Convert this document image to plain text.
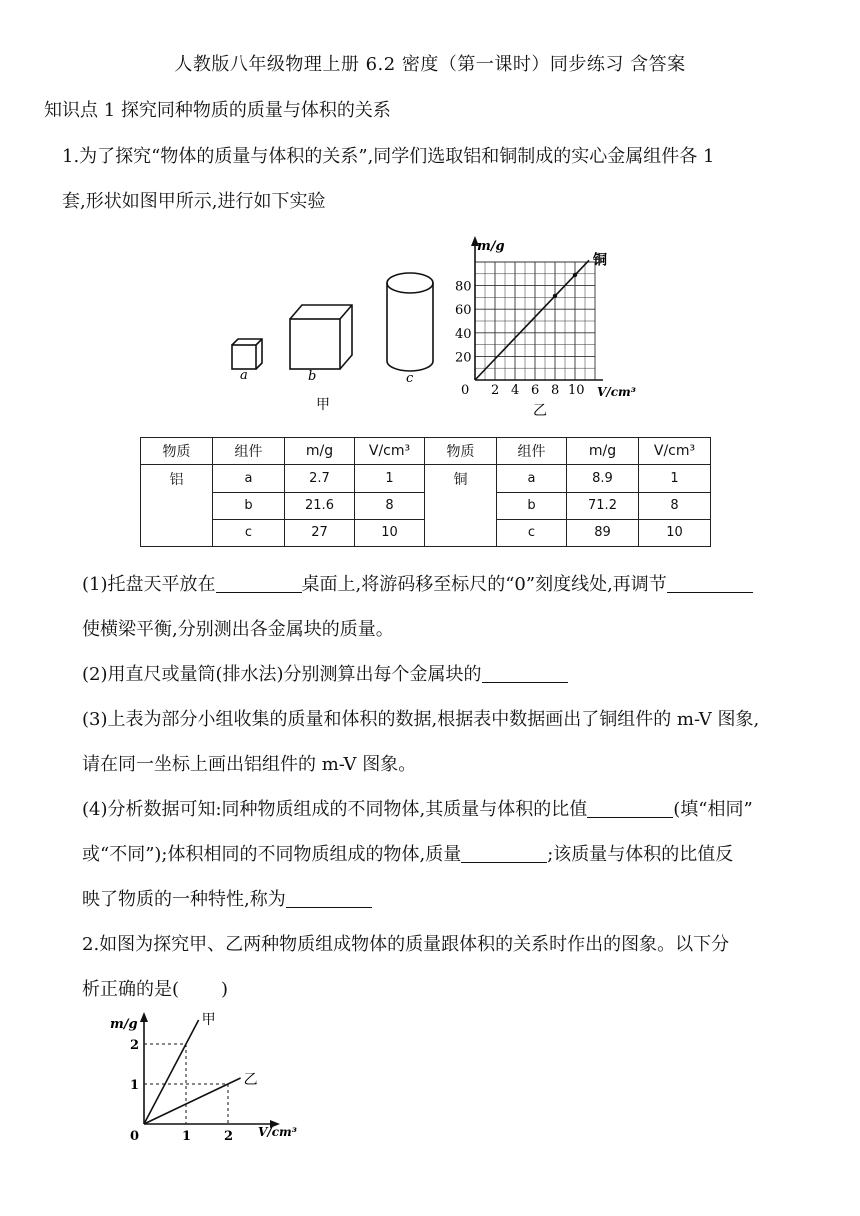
人教版八年级物理上册 6.2 密度（第一课时）同步练习 含答案
知识点 1 探究同种物质的质量与体积的关系
1.为了探究“物体的质量与体积的关系”,同学们选取铝和铜制成的实心金属组件各 1
套,形状如图甲所示,进行如下实验
a	b	c
甲
m/g
V/cm³
0 2 4 6 8 10
20
40
60
80
铜
乙
物质	组件	m/g	V/cm³	物质	组件	m/g	V/cm³
铝	a	2.7	1	铜	a	8.9	1
	b	21.6	8		b	71.2	8
	c	27	10		c	89	10
(1)托盘天平放在	桌面上,将游码移至标尺的“0”刻度线处,再调节
使横梁平衡,分别测出各金属块的质量。
(2)用直尺或量筒(排水法)分别测算出每个金属块的
(3)上表为部分小组收集的质量和体积的数据,根据表中数据画出了铜组件的 m-V 图象,
请在同一坐标上画出铝组件的 m-V 图象。
(4)分析数据可知:同种物质组成的不同物体,其质量与体积的比值	(填“相同”
或“不同”);体积相同的不同物质组成的物体,质量	;该质量与体积的比值反
映了物质的一种特性,称为
2.如图为探究甲、乙两种物质组成物体的质量跟体积的关系时作出的图象。以下分
析正确的是( )
m/g
V/cm³
0	1	2
1
2
甲
乙
